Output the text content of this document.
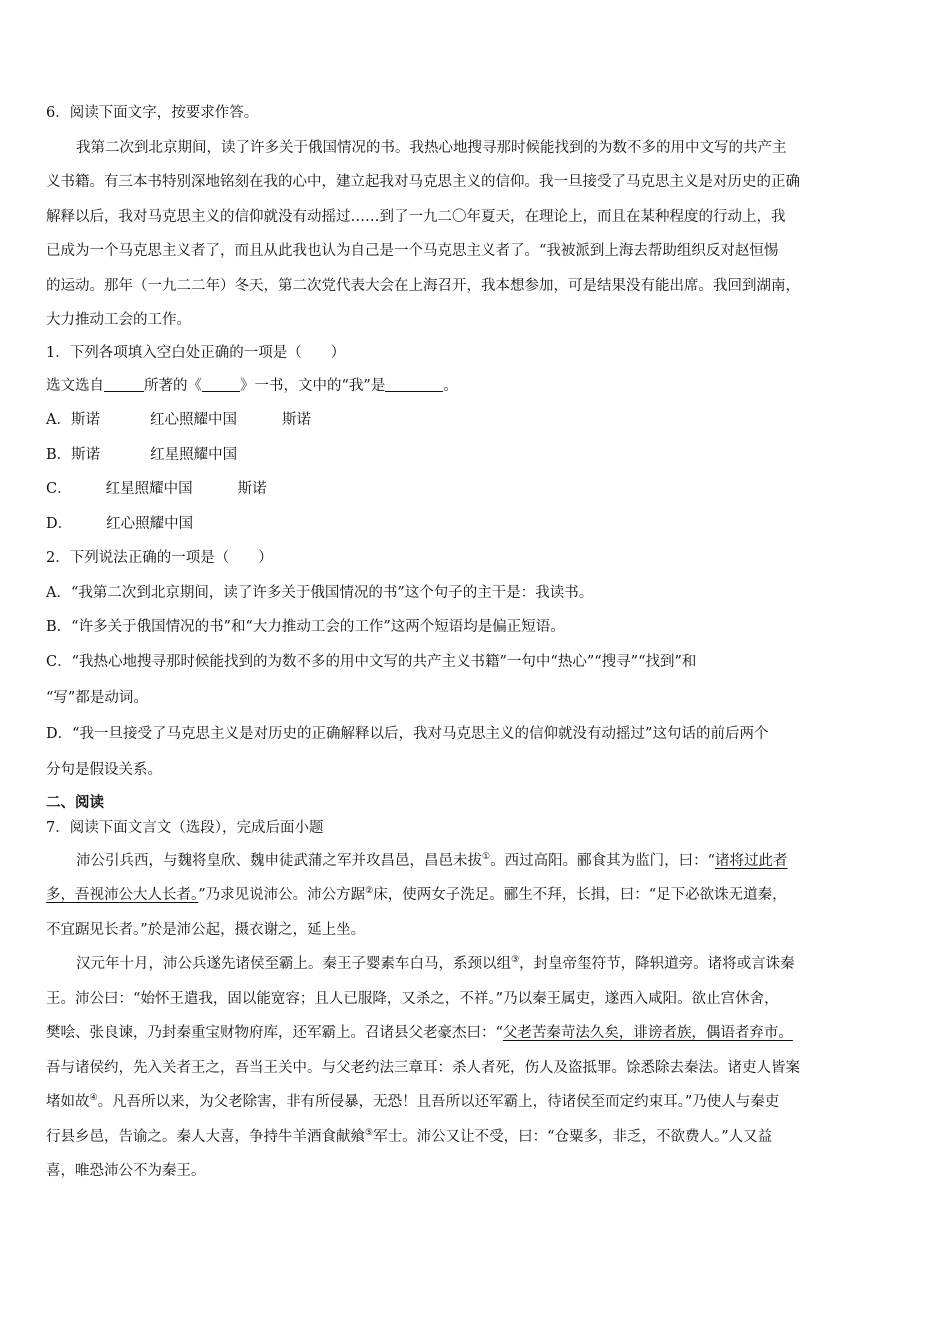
6．阅读下面文字，按要求作答。
我第二次到北京期间，读了许多关于俄国情况的书。我热心地搜寻那时候能找到的为数不多的用中文写的共产主
义书籍。有三本书特别深地铭刻在我的心中，建立起我对马克思主义的信仰。我一旦接受了马克思主义是对历史的正确
解释以后，我对马克思主义的信仰就没有动摇过……到了一九二〇年夏天，在理论上，而且在某种程度的行动上，我
已成为一个马克思主义者了，而且从此我也认为自己是一个马克思主义者了。“我被派到上海去帮助组织反对赵恒惕
的运动。那年（一九二二年）冬天，第二次党代表大会在上海召开，我本想参加，可是结果没有能出席。我回到湖南，
大力推动工会的工作。
1．下列各项填入空白处正确的一项是（　　）
选文选自	所著的《	》一书，文中的“我”是	。
A．斯诺	红心照耀中国	斯诺
B．斯诺	红星照耀中国
C． 红星照耀中国	斯诺
D． 红心照耀中国
2．下列说法正确的一项是（　　）
A．“我第二次到北京期间，读了许多关于俄国情况的书”这个句子的主干是：我读书。
B．“许多关于俄国情况的书”和“大力推动工会的工作”这两个短语均是偏正短语。
C．“我热心地搜寻那时候能找到的为数不多的用中文写的共产主义书籍”一句中“热心”“搜寻”“找到”和
“写”都是动词。
D．“我一旦接受了马克思主义是对历史的正确解释以后，我对马克思主义的信仰就没有动摇过”这句话的前后两个
分句是假设关系。
二、阅读
7．阅读下面文言文（选段），完成后面小题
沛公引兵西，与魏将皇欣、魏申徒武蒲之军并攻昌邑，昌邑未拔①。西过高阳。郦食其为监门，曰：“诸将过此者
多，吾视沛公大人长者。”乃求见说沛公。沛公方踞②床，使两女子洗足。郦生不拜，长揖，曰：“足下必欲诛无道秦，
不宜踞见长者。”於是沛公起，摄衣谢之，延上坐。
汉元年十月，沛公兵遂先诸侯至霸上。秦王子婴素车白马，系颈以组③，封皇帝玺符节，降轵道旁。诸将或言诛秦
王。沛公曰：“始怀王遣我，固以能宽容；且人已服降，又杀之，不祥。”乃以秦王属吏，遂西入咸阳。欲止宫休舍，
樊哙、张良谏，乃封秦重宝财物府库，还军霸上。召诸县父老豪杰曰：“父老苦秦苛法久矣，诽谤者族，偶语者弃市。
吾与诸侯约，先入关者王之，吾当王关中。与父老约法三章耳：杀人者死，伤人及盗抵罪。馀悉除去秦法。诸吏人皆案
堵如故④。凡吾所以来，为父老除害，非有所侵暴，无恐！且吾所以还军霸上，待诸侯至而定约束耳。”乃使人与秦吏
行县乡邑，告谕之。秦人大喜，争持牛羊酒食献飨⑤军士。沛公又让不受，曰：“仓粟多，非乏，不欲费人。”人又益
喜，唯恐沛公不为秦王。
